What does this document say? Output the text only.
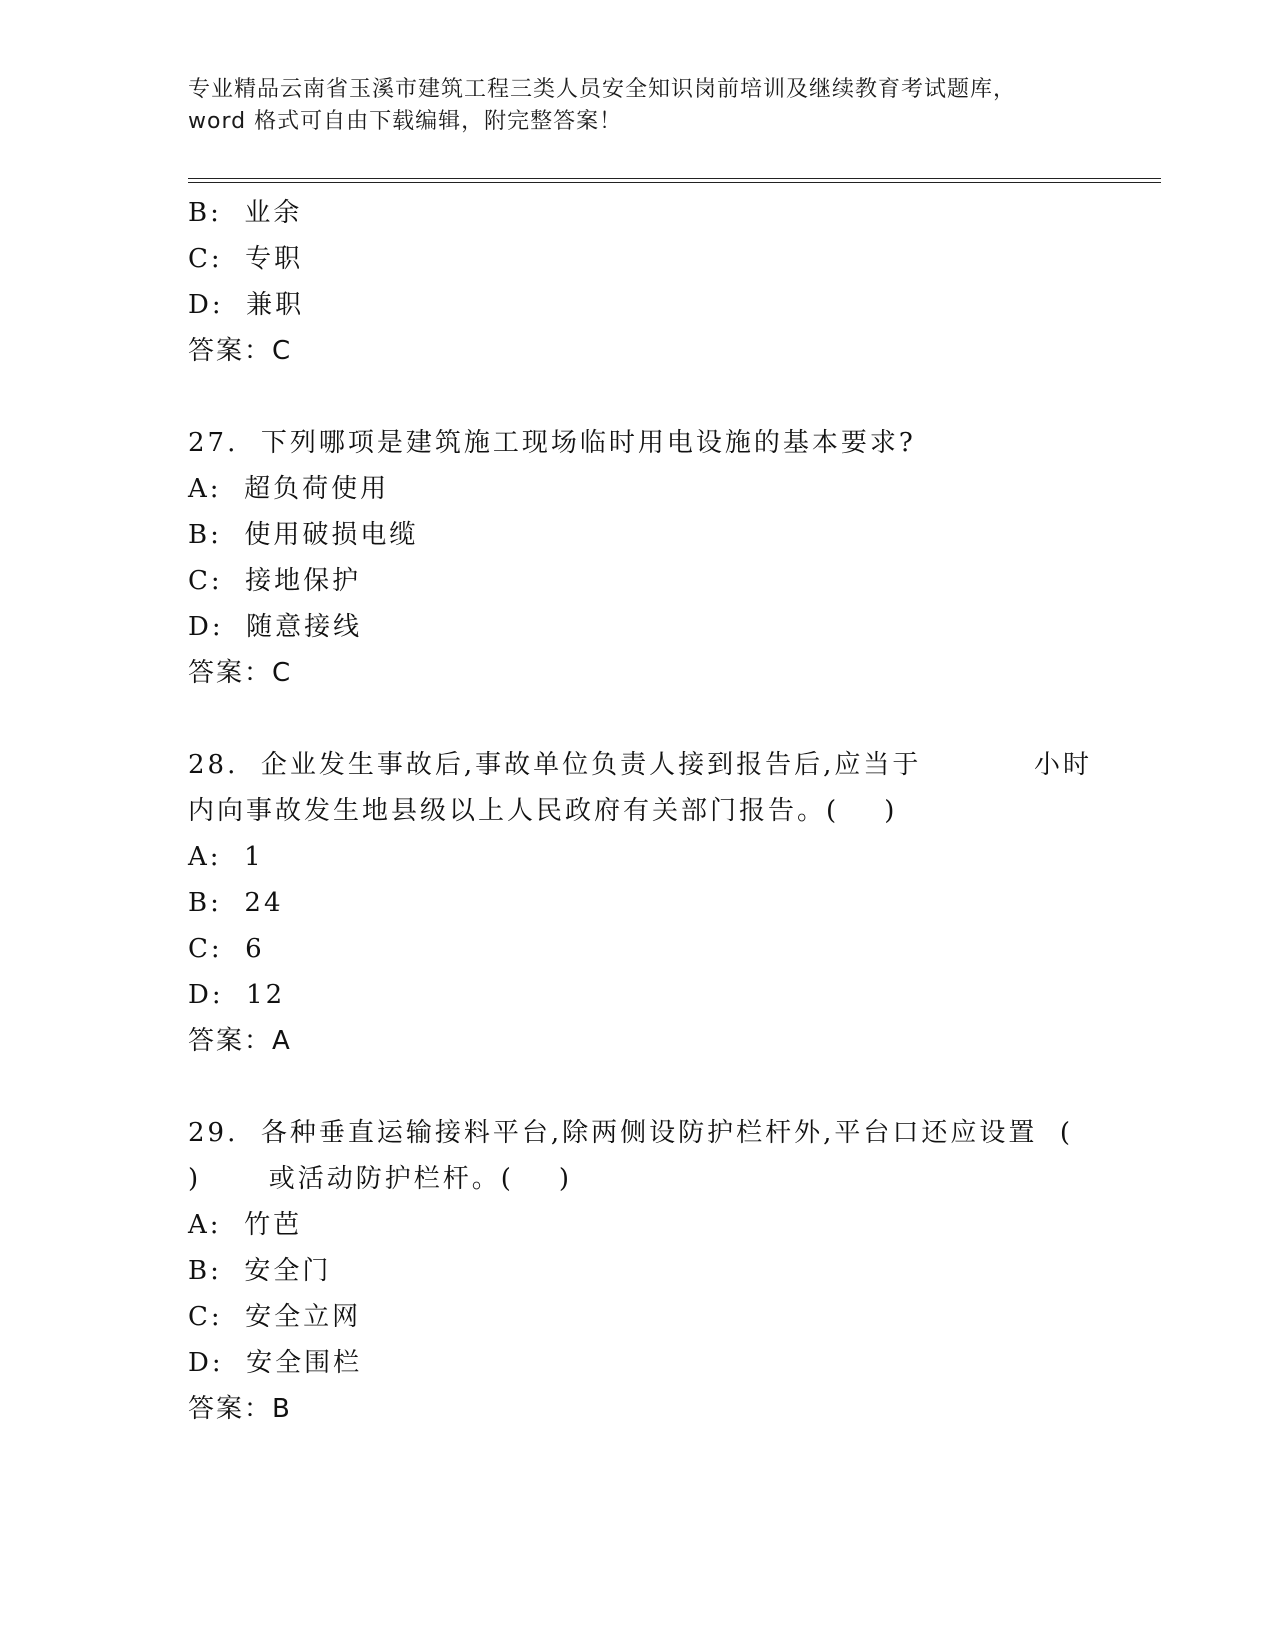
专业精品云南省玉溪市建筑工程三类人员安全知识岗前培训及继续教育考试题库，
word 格式可自由下载编辑，附完整答案！
B:  业余
C:  专职
D:  兼职
答案：C
27.  下列哪项是建筑施工现场临时用电设施的基本要求?
A:  超负荷使用
B:  使用破损电缆
C:  接地保护
D:  随意接线
答案：C
28.  企业发生事故后,事故单位负责人接到报告后,应当于          小时
内向事故发生地县级以上人民政府有关部门报告。(    )
A:  1
B:  24
C:  6
D:  12
答案：A
29.  各种垂直运输接料平台,除两侧设防护栏杆外,平台口还应设置  (
)      或活动防护栏杆。(    )
A:  竹芭
B:  安全门
C:  安全立网
D:  安全围栏
答案：B
